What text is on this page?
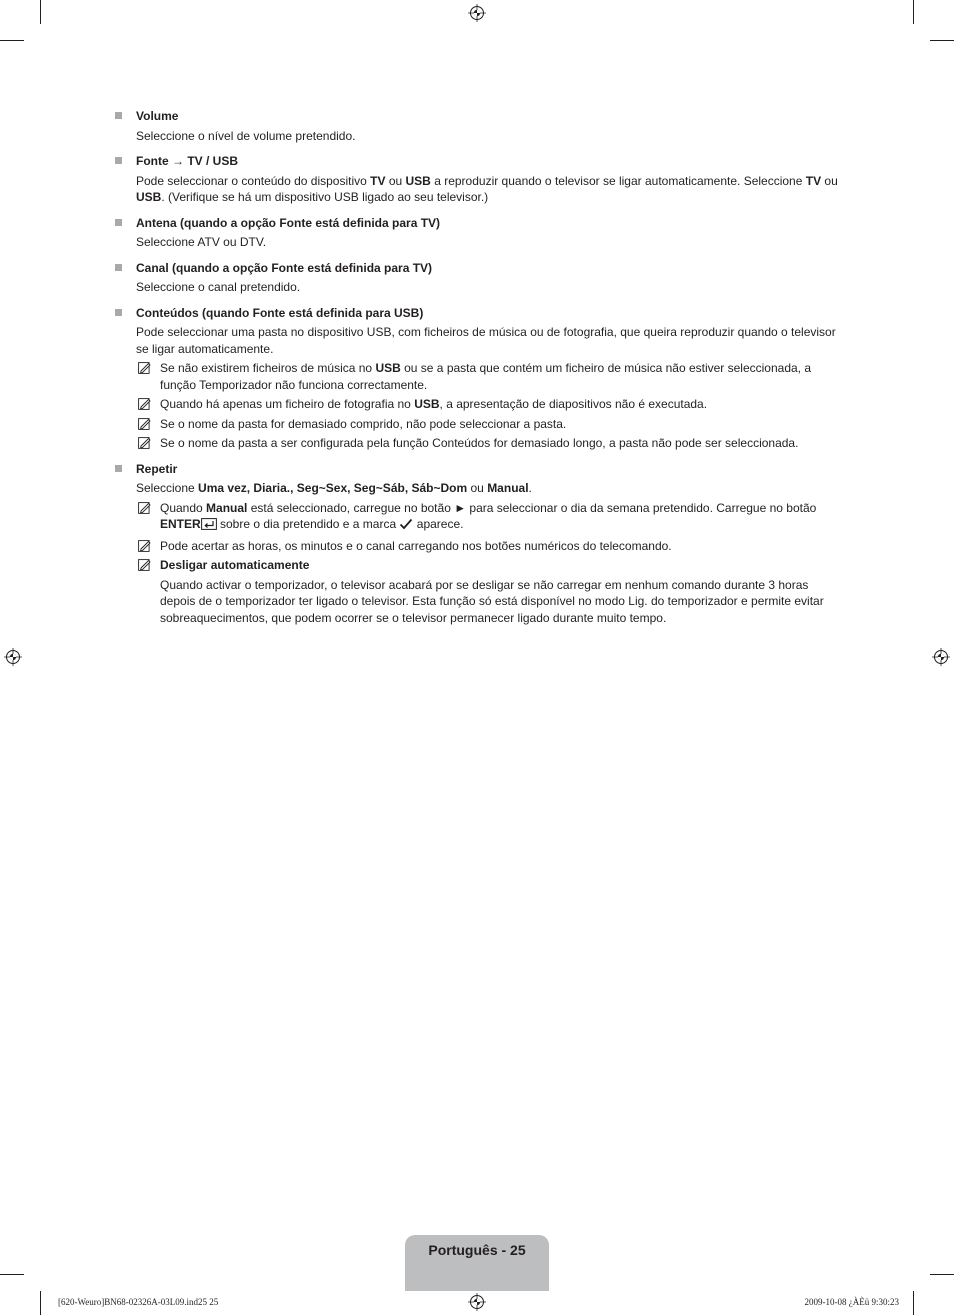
Volume
Seleccione o nível de volume pretendido.
Fonte → TV / USB
Pode seleccionar o conteúdo do dispositivo TV ou USB a reproduzir quando o televisor se ligar automaticamente. Seleccione TV ou USB. (Verifique se há um dispositivo USB ligado ao seu televisor.)
Antena (quando a opção Fonte está definida para TV)
Seleccione ATV ou DTV.
Canal (quando a opção Fonte está definida para TV)
Seleccione o canal pretendido.
Conteúdos (quando Fonte está definida para USB)
Pode seleccionar uma pasta no dispositivo USB, com ficheiros de música ou de fotografia, que queira reproduzir quando o televisor se ligar automaticamente.
Se não existirem ficheiros de música no USB ou se a pasta que contém um ficheiro de música não estiver seleccionada, a função Temporizador não funciona correctamente.
Quando há apenas um ficheiro de fotografia no USB, a apresentação de diapositivos não é executada.
Se o nome da pasta for demasiado comprido, não pode seleccionar a pasta.
Se o nome da pasta a ser configurada pela função Conteúdos for demasiado longo, a pasta não pode ser seleccionada.
Repetir
Seleccione Uma vez, Diaria., Seg~Sex, Seg~Sáb, Sáb~Dom ou Manual.
Quando Manual está seleccionado, carregue no botão ► para seleccionar o dia da semana pretendido. Carregue no botão ENTER sobre o dia pretendido e a marca  aparece.
Pode acertar as horas, os minutos e o canal carregando nos botões numéricos do telecomando.
Desligar automaticamente
Quando activar o temporizador, o televisor acabará por se desligar se não carregar em nenhum comando durante 3 horas depois de o temporizador ter ligado o televisor. Esta função só está disponível no modo Lig. do temporizador e permite evitar sobreaquecimentos, que podem ocorrer se o televisor permanecer ligado durante muito tempo.
Português - 25
[620-Weuro]BN68-02326A-03L09.ind25 25	2009-10-08 ¿ÀÈü 9:30:23
